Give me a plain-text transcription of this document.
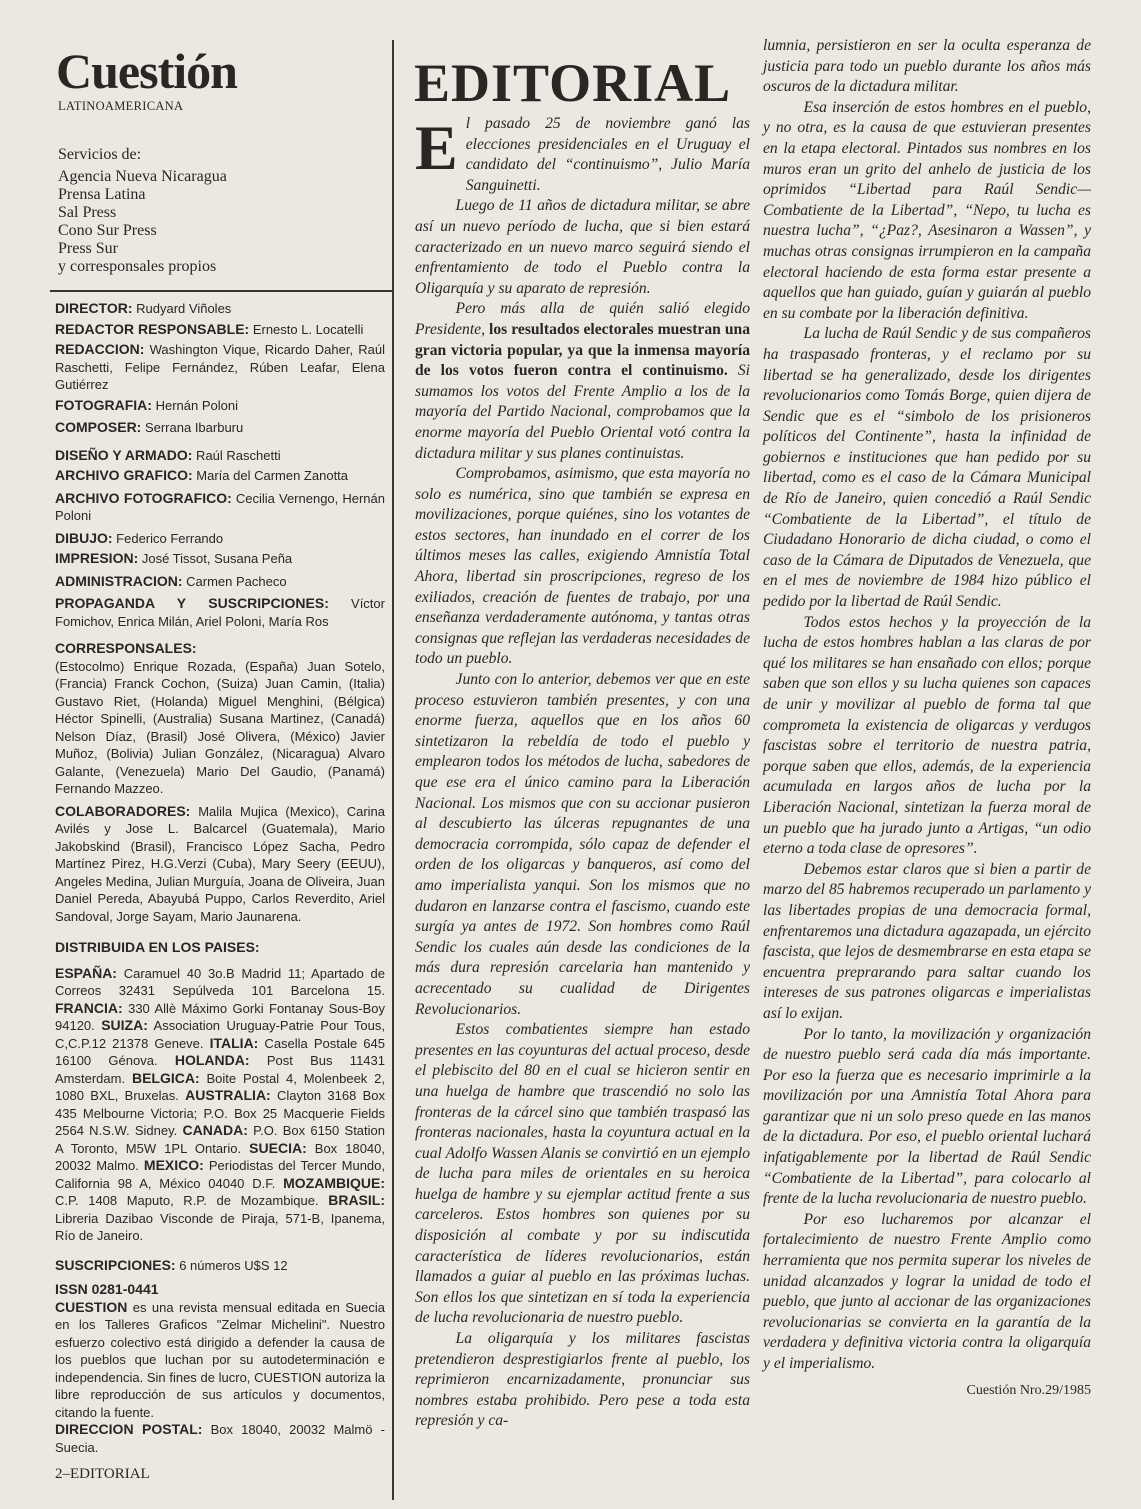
Cuestión
LATINOAMERICANA
Servicios de:
Agencia Nueva Nicaragua
Prensa Latina
Sal Press
Cono Sur Press
Press Sur
y corresponsales propios
DIRECTOR: Rudyard Viñoles
REDACTOR RESPONSABLE: Ernesto L. Locatelli
REDACCION: Washington Vique, Ricardo Daher, Raúl Raschetti, Felipe Fernández, Rúben Leafar, Elena Gutiérrez
FOTOGRAFIA: Hernán Poloni
COMPOSER: Serrana Ibarburu
DISEÑO Y ARMADO: Raúl Raschetti
ARCHIVO GRAFICO: María del Carmen Zanotta
ARCHIVO FOTOGRAFICO: Cecilia Vernengo, Hernán Poloni
DIBUJO: Federico Ferrando
IMPRESION: José Tissot, Susana Peña
ADMINISTRACION: Carmen Pacheco
PROPAGANDA Y SUSCRIPCIONES: Víctor Fomichov, Enrica Milán, Ariel Poloni, María Ros
CORRESPONSALES:
(Estocolmo) Enrique Rozada, (España) Juan Sotelo, (Francia) Franck Cochon, (Suiza) Juan Camin, (Italia) Gustavo Riet, (Holanda) Miguel Menghini, (Bélgica) Héctor Spinelli, (Australia) Susana Martinez, (Canadá) Nelson Díaz, (Brasil) José Olivera, (México) Javier Muñoz, (Bolivia) Julian González, (Nicaragua) Alvaro Galante, (Venezuela) Mario Del Gaudio, (Panamá) Fernando Mazzeo.
COLABORADORES: Malila Mujica (Mexico), Carina Avilés y Jose L. Balcarcel (Guatemala), Mario Jakobskind (Brasil), Francisco López Sacha, Pedro Martínez Pirez, H.G.Verzi (Cuba), Mary Seery (EEUU), Angeles Medina, Julian Murguía, Joana de Oliveira, Juan Daniel Pereda, Abayubá Puppo, Carlos Reverdito, Ariel Sandoval, Jorge Sayam, Mario Jaunarena.
DISTRIBUIDA EN LOS PAISES:
ESPAÑA: Caramuel 40 3o.B Madrid 11; Apartado de Correos 32431 Sepúlveda 101 Barcelona 15. FRANCIA: 330 Allè Máximo Gorki Fontanay Sous-Boy 94120. SUIZA: Association Uruguay-Patrie Pour Tous, C,C.P.12 21378 Geneve. ITALIA: Casella Postale 645 16100 Génova. HOLANDA: Post Bus 11431 Amsterdam. BELGICA: Boite Postal 4, Molenbeek 2, 1080 BXL, Bruxelas. AUSTRALIA: Clayton 3168 Box 435 Melbourne Victoria; P.O. Box 25 Macquerie Fields 2564 N.S.W. Sidney. CANADA: P.O. Box 6150 Station A Toronto, M5W 1PL Ontario. SUECIA: Box 18040, 20032 Malmo. MEXICO: Periodistas del Tercer Mundo, California 98 A, México 04040 D.F. MOZAMBIQUE: C.P. 1408 Maputo, R.P. de Mozambique. BRASIL: Libreria Dazibao Visconde de Piraja, 571-B, Ipanema, Río de Janeiro.
SUSCRIPCIONES: 6 números U$S 12
ISSN 0281-0441
CUESTION es una revista mensual editada en Suecia en los Talleres Graficos "Zelmar Michelini". Nuestro esfuerzo colectivo está dirigido a defender la causa de los pueblos que luchan por su autodeterminación e independencia. Sin fines de lucro, CUESTION autoriza la libre reproducción de sus artículos y documentos, citando la fuente.
DIRECCION POSTAL: Box 18040, 20032 Malmö - Suecia.
2–EDITORIAL
EDITORIAL

El pasado 25 de noviembre ganó las elecciones presidenciales en el Uruguay el candidato del “continuismo”, Julio María Sanguinetti.

Luego de 11 años de dictadura militar, se abre así un nuevo período de lucha, que si bien estará caracterizado en un nuevo marco seguirá siendo el enfrentamiento de todo el Pueblo contra la Oligarquía y su aparato de represión.

Pero más alla de quién salió elegido Presidente, los resultados electorales muestran una gran victoria popular, ya que la inmensa mayoría de los votos fueron contra el continuismo. Si sumamos los votos del Frente Amplio a los de la mayoría del Partido Nacional, comprobamos que la enorme mayoría del Pueblo Oriental votó contra la dictadura militar y sus planes continuistas.

Comprobamos, asimismo, que esta mayoría no solo es numérica, sino que también se expresa en movilizaciones, porque quiénes, sino los votantes de estos sectores, han inundado en el correr de los últimos meses las calles, exigiendo Amnistía Total Ahora, libertad sin proscripciones, regreso de los exiliados, creación de fuentes de trabajo, por una enseñanza verdaderamente autónoma, y tantas otras consignas que reflejan las verdaderas necesidades de todo un pueblo.

Junto con lo anterior, debemos ver que en este proceso estuvieron también presentes, y con una enorme fuerza, aquellos que en los años 60 sintetizaron la rebeldía de todo el pueblo y emplearon todos los métodos de lucha, sabedores de que ese era el único camino para la Liberación Nacional. Los mismos que con su accionar pusieron al descubierto las úlceras repugnantes de una democracia corrompida, sólo capaz de defender el orden de los oligarcas y banqueros, así como del amo imperialista yanqui. Son los mismos que no dudaron en lanzarse contra el fascismo, cuando este surgía ya antes de 1972. Son hombres como Raúl Sendic los cuales aún desde las condiciones de la más dura represión carcelaria han mantenido y acrecentado su cualidad de Dirigentes Revolucionarios.

Estos combatientes siempre han estado presentes en las coyunturas del actual proceso, desde el plebiscito del 80 en el cual se hicieron sentir en una huelga de hambre que trascendió no solo las fronteras de la cárcel sino que también traspasó las fronteras nacionales, hasta la coyuntura actual en la cual Adolfo Wassen Alanis se convirtió en un ejemplo de lucha para miles de orientales en su heroica huelga de hambre y su ejemplar actitud frente a sus carceleros. Estos hombres son quienes por su disposición al combate y por su indiscutida característica de líderes revolucionarios, están llamados a guiar al pueblo en las próximas luchas. Son ellos los que sintetizan en sí toda la experiencia de lucha revolucionaria de nuestro pueblo.

La oligarquía y los militares fascistas pretendieron desprestigiarlos frente al pueblo, los reprimieron encarnizadamente, pronunciar sus nombres estaba prohibido. Pero pese a toda esta represión y ca-

lumnia, persistieron en ser la oculta esperanza de justicia para todo un pueblo durante los años más oscuros de la dictadura militar.

Esa inserción de estos hombres en el pueblo, y no otra, es la causa de que estuvieran presentes en la etapa electoral. Pintados sus nombres en los muros eran un grito del anhelo de justicia de los oprimidos “Libertad para Raúl Sendic—Combatiente de la Libertad”, “Nepo, tu lucha es nuestra lucha”, “¿Paz?, Asesinaron a Wassen”, y muchas otras consignas irrumpieron en la campaña electoral haciendo de esta forma estar presente a aquellos que han guiado, guían y guiarán al pueblo en su combate por la liberación definitiva.

La lucha de Raúl Sendic y de sus compañeros ha traspasado fronteras, y el reclamo por su libertad se ha generalizado, desde los dirigentes revolucionarios como Tomás Borge, quien dijera de Sendic que es el “simbolo de los prisioneros políticos del Continente”, hasta la infinidad de gobiernos e instituciones que han pedido por su libertad, como es el caso de la Cámara Municipal de Río de Janeiro, quien concedió a Raúl Sendic “Combatiente de la Libertad”, el título de Ciudadano Honorario de dicha ciudad, o como el caso de la Cámara de Diputados de Venezuela, que en el mes de noviembre de 1984 hizo público el pedido por la libertad de Raúl Sendic.

Todos estos hechos y la proyección de la lucha de estos hombres hablan a las claras de por qué los militares se han ensañado con ellos; porque saben que son ellos y su lucha quienes son capaces de unir y movilizar al pueblo de forma tal que comprometa la existencia de oligarcas y verdugos fascistas sobre el territorio de nuestra patria, porque saben que ellos, además, de la experiencia acumulada en largos años de lucha por la Liberación Nacional, sintetizan la fuerza moral de un pueblo que ha jurado junto a Artigas, “un odio eterno a toda clase de opresores”.

Debemos estar claros que si bien a partir de marzo del 85 habremos recuperado un parlamento y las libertades propias de una democracia formal, enfrentaremos una dictadura agazapada, un ejército fascista, que lejos de desmembrarse en esta etapa se encuentra preprarando para saltar cuando los intereses de sus patrones oligarcas e imperialistas así lo exijan.

Por lo tanto, la movilización y organización de nuestro pueblo será cada día más importante. Por eso la fuerza que es necesario imprimirle a la movilización por una Amnistía Total Ahora para garantizar que ni un solo preso quede en las manos de la dictadura. Por eso, el pueblo oriental luchará infatigablemente por la libertad de Raúl Sendic “Combatiente de la Libertad”, para colocarlo al frente de la lucha revolucionaria de nuestro pueblo.

Por eso lucharemos por alcanzar el fortalecimiento de nuestro Frente Amplio como herramienta que nos permita superar los niveles de unidad alcanzados y lograr la unidad de todo el pueblo, que junto al accionar de las organizaciones revolucionarias se convierta en la garantía de la verdadera y definitiva victoria contra la oligarquía y el imperialismo.

Cuestión Nro.29/1985
